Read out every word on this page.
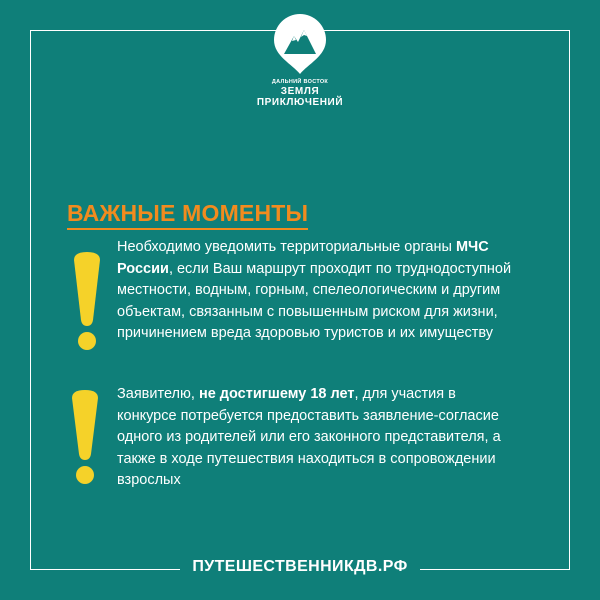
ДАЛЬНИЙ ВОСТОК
ЗЕМЛЯ
ПРИКЛЮЧЕНИЙ
ВАЖНЫЕ МОМЕНТЫ
Необходимо уведомить территориальные органы МЧС России, если Ваш маршрут проходит по труднодоступной местности, водным, горным, спелеологическим и другим объектам, связанным с повышенным риском для жизни, причинением вреда здоровью туристов и их имуществу
Заявителю, не достигшему 18 лет, для участия в конкурсе потребуется предоставить заявление-согласие одного из родителей или его законного представителя, а также в ходе путешествия находиться в сопровождении взрослых
ПУТЕШЕСТВЕННИКДВ.РФ
